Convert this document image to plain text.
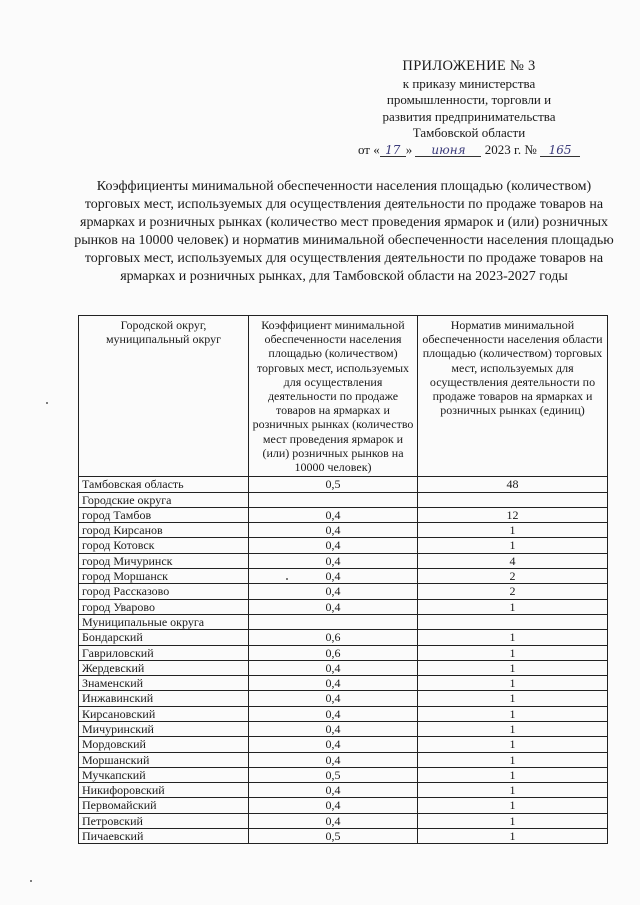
ПРИЛОЖЕНИЕ № 3
к приказу министерства
промышленности, торговли и
развития предпринимательства
Тамбовской области
от « 17 » июня 2023 г. № 165
Коэффициенты минимальной обеспеченности населения площадью (количеством) торговых мест, используемых для осуществления деятельности по продаже товаров на ярмарках и розничных рынках (количество мест проведения ярмарок и (или) розничных рынков на 10000 человек) и норматив минимальной обеспеченности населения площадью торговых мест, используемых для осуществления деятельности по продаже товаров на ярмарках и розничных рынках, для Тамбовской области на 2023-2027 годы
Городской округ, муниципальный округ	Коэффициент минимальной обеспеченности населения площадью (количеством) торговых мест, используемых для осуществления деятельности по продаже товаров на ярмарках и розничных рынках (количество мест проведения ярмарок и (или) розничных рынков на 10000 человек)	Норматив минимальной обеспеченности населения области площадью (количеством) торговых мест, используемых для осуществления деятельности по продаже товаров на ярмарках и розничных рынках (единиц)
Тамбовская область	0,5	48
Городские округа		
город Тамбов	0,4	12
город Кирсанов	0,4	1
город Котовск	0,4	1
город Мичуринск	0,4	4
город Моршанск	0,4	2
город Рассказово	0,4	2
город Уварово	0,4	1
Муниципальные округа		
Бондарский	0,6	1
Гавриловский	0,6	1
Жердевский	0,4	1
Знаменский	0,4	1
Инжавинский	0,4	1
Кирсановский	0,4	1
Мичуринский	0,4	1
Мордовский	0,4	1
Моршанский	0,4	1
Мучкапский	0,5	1
Никифоровский	0,4	1
Первомайский	0,4	1
Петровский	0,4	1
Пичаевский	0,5	1
